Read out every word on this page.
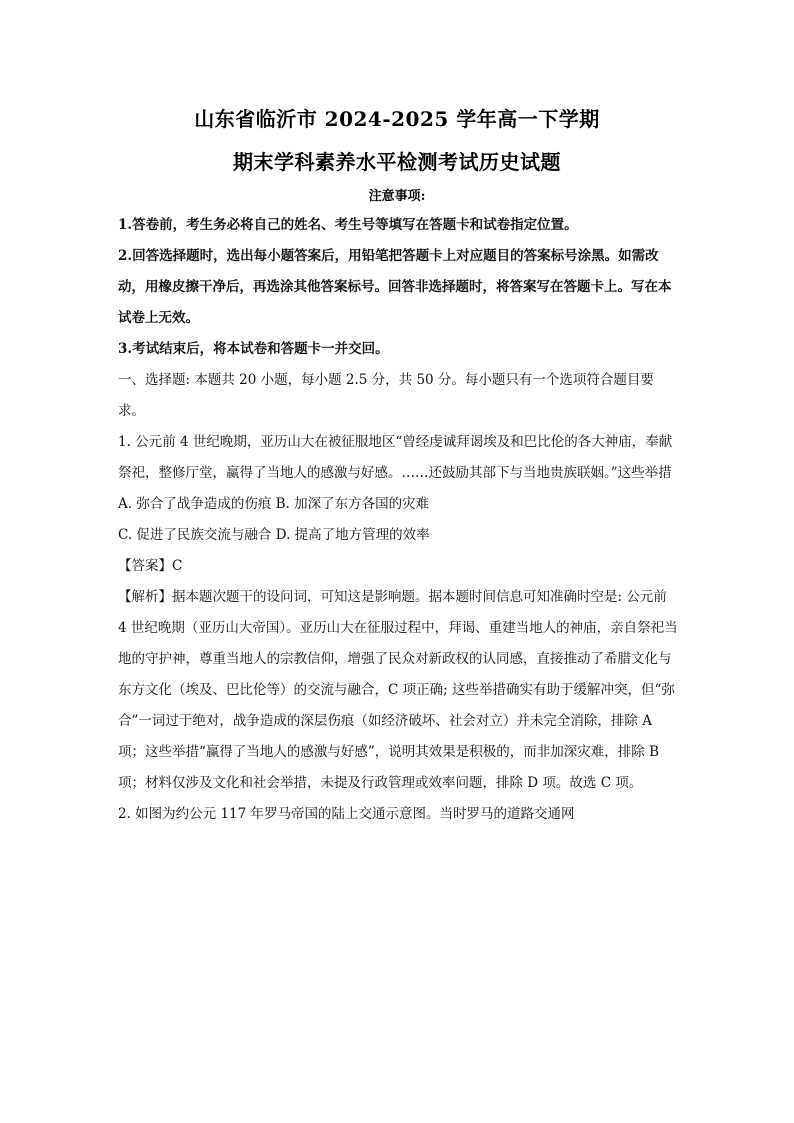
山东省临沂市 2024-2025 学年高一下学期
期末学科素养水平检测考试历史试题
注意事项:

1.答卷前，考生务必将自己的姓名、考生号等填写在答题卡和试卷指定位置。

2.回答选择题时，选出每小题答案后，用铅笔把答题卡上对应题目的答案标号涂黑。如需改动，用橡皮擦干净后，再选涂其他答案标号。回答非选择题时，将答案写在答题卡上。写在本试卷上无效。

3.考试结束后，将本试卷和答题卡一并交回。

一、选择题: 本题共 20 小题，每小题 2.5 分，共 50 分。每小题只有一个选项符合题目要求。

1. 公元前 4 世纪晚期，亚历山大在被征服地区“曾经虔诚拜谒埃及和巴比伦的各大神庙，奉献祭祀，整修厅堂，赢得了当地人的感激与好感。……还鼓励其部下与当地贵族联姻。”这些举措

A. 弥合了战争造成的伤痕 B. 加深了东方各国的灾难

C. 促进了民族交流与融合 D. 提高了地方管理的效率

【答案】C

【解析】据本题次题干的设问词，可知这是影响题。据本题时间信息可知准确时空是: 公元前 4 世纪晚期（亚历山大帝国）。亚历山大在征服过程中，拜谒、重建当地人的神庙，亲自祭祀当地的守护神，尊重当地人的宗教信仰，增强了民众对新政权的认同感，直接推动了希腊文化与东方文化（埃及、巴比伦等）的交流与融合，C 项正确; 这些举措确实有助于缓解冲突，但“弥合”一词过于绝对，战争造成的深层伤痕（如经济破坏、社会对立）并未完全消除，排除 A 项；这些举措“赢得了当地人的感激与好感”，说明其效果是积极的，而非加深灾难，排除 B 项；材料仅涉及文化和社会举措，未提及行政管理或效率问题，排除 D 项。故选 C 项。

2. 如图为约公元 117 年罗马帝国的陆上交通示意图。当时罗马的道路交通网
